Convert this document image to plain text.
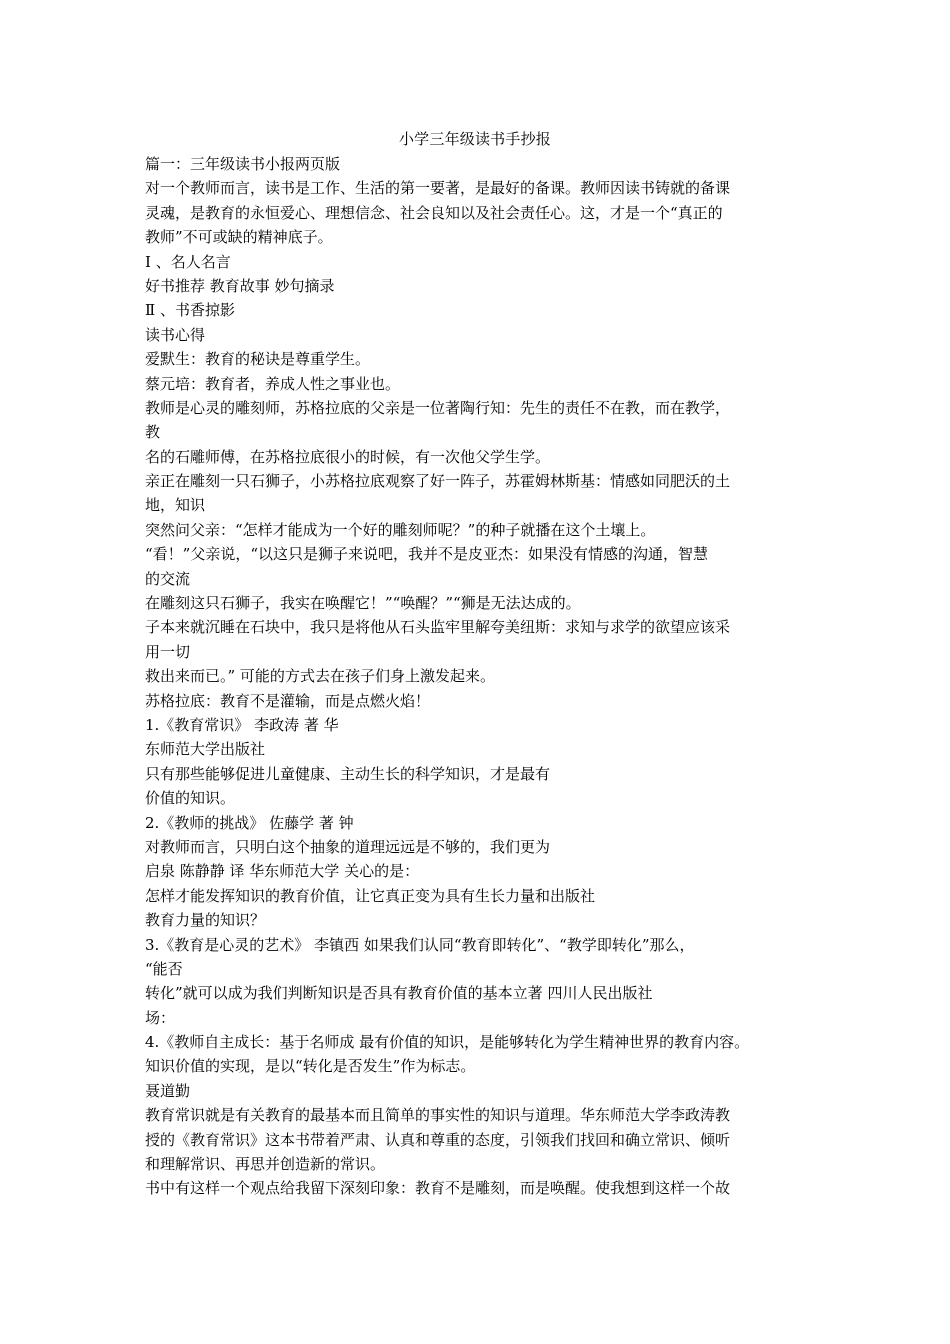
小学三年级读书手抄报
篇一：三年级读书小报两页版
对一个教师而言，读书是工作、生活的第一要著，是最好的备课。教师因读书铸就的备课
灵魂，是教育的永恒爱心、理想信念、社会良知以及社会责任心。这，才是一个“真正的
教师”不可或缺的精神底子。
Ⅰ 、名人名言
好书推荐 教育故事 妙句摘录
Ⅱ 、书香掠影
读书心得
爱默生：教育的秘诀是尊重学生。
蔡元培：教育者，养成人性之事业也。
教师是心灵的雕刻师，苏格拉底的父亲是一位著陶行知：先生的责任不在教，而在教学，
教
名的石雕师傅，在苏格拉底很小的时候，有一次他父学生学。
亲正在雕刻一只石狮子，小苏格拉底观察了好一阵子，苏霍姆林斯基：情感如同肥沃的土
地，知识
突然问父亲：“怎样才能成为一个好的雕刻师呢？”的种子就播在这个土壤上。
“看！”父亲说，“以这只是狮子来说吧，我并不是皮亚杰：如果没有情感的沟通，智慧
的交流
在雕刻这只石狮子，我实在唤醒它！”“唤醒？”“狮是无法达成的。
子本来就沉睡在石块中，我只是将他从石头监牢里解夸美纽斯：求知与求学的欲望应该采
用一切
救出来而已。” 可能的方式去在孩子们身上激发起来。
苏格拉底：教育不是灌输，而是点燃火焰！
1.《教育常识》 李政涛 著 华
东师范大学出版社
只有那些能够促进儿童健康、主动生长的科学知识，才是最有
价值的知识。
2.《教师的挑战》 佐藤学 著 钟
对教师而言，只明白这个抽象的道理远远是不够的，我们更为
启泉 陈静静 译 华东师范大学 关心的是：
怎样才能发挥知识的教育价值，让它真正变为具有生长力量和出版社
教育力量的知识？
3.《教育是心灵的艺术》 李镇西 如果我们认同“教育即转化”、“教学即转化”那么，
“能否
转化”就可以成为我们判断知识是否具有教育价值的基本立著 四川人民出版社
场：
4.《教师自主成长：基于名师成 最有价值的知识，是能够转化为学生精神世界的教育内容。
知识价值的实现，是以“转化是否发生”作为标志。
聂道勤
教育常识就是有关教育的最基本而且简单的事实性的知识与道理。华东师范大学李政涛教
授的《教育常识》这本书带着严肃、认真和尊重的态度，引领我们找回和确立常识、倾听
和理解常识、再思并创造新的常识。
书中有这样一个观点给我留下深刻印象：教育不是雕刻，而是唤醒。使我想到这样一个故
